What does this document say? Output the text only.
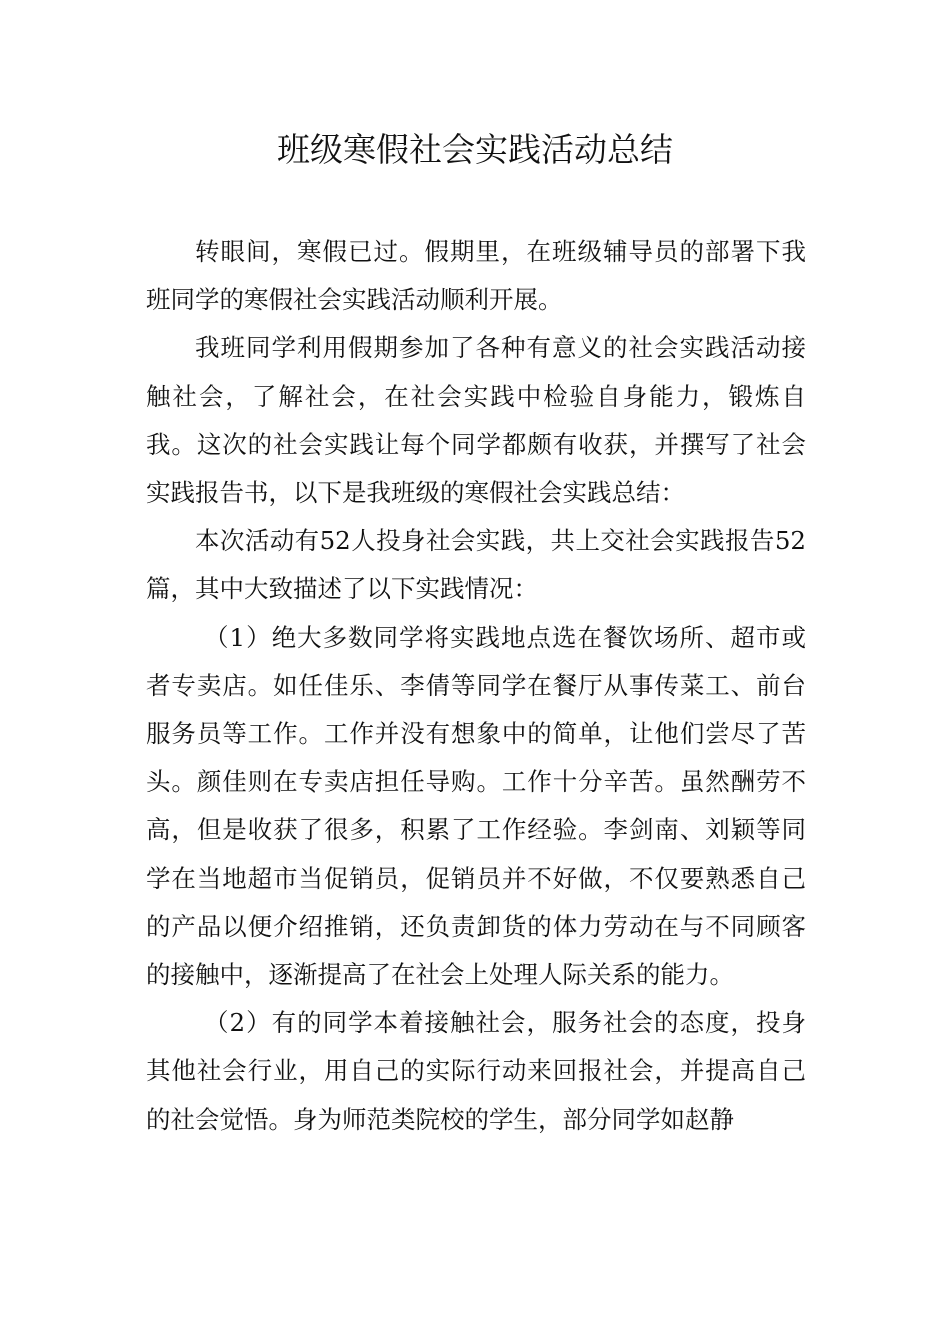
班级寒假社会实践活动总结

转眼间，寒假已过。假期里，在班级辅导员的部署下我班同学的寒假社会实践活动顺利开展。

我班同学利用假期参加了各种有意义的社会实践活动接触社会，了解社会，在社会实践中检验自身能力，锻炼自我。这次的社会实践让每个同学都颇有收获，并撰写了社会实践报告书，以下是我班级的寒假社会实践总结：

本次活动有52人投身社会实践，共上交社会实践报告52篇，其中大致描述了以下实践情况：

（1）绝大多数同学将实践地点选在餐饮场所、超市或者专卖店。如任佳乐、李倩等同学在餐厅从事传菜工、前台服务员等工作。工作并没有想象中的简单，让他们尝尽了苦头。颜佳则在专卖店担任导购。工作十分辛苦。虽然酬劳不高，但是收获了很多，积累了工作经验。李剑南、刘颖等同学在当地超市当促销员，促销员并不好做，不仅要熟悉自己的产品以便介绍推销，还负责卸货的体力劳动在与不同顾客的接触中，逐渐提高了在社会上处理人际关系的能力。

（2）有的同学本着接触社会，服务社会的态度，投身其他社会行业，用自己的实际行动来回报社会，并提高自己的社会觉悟。身为师范类院校的学生，部分同学如赵静
